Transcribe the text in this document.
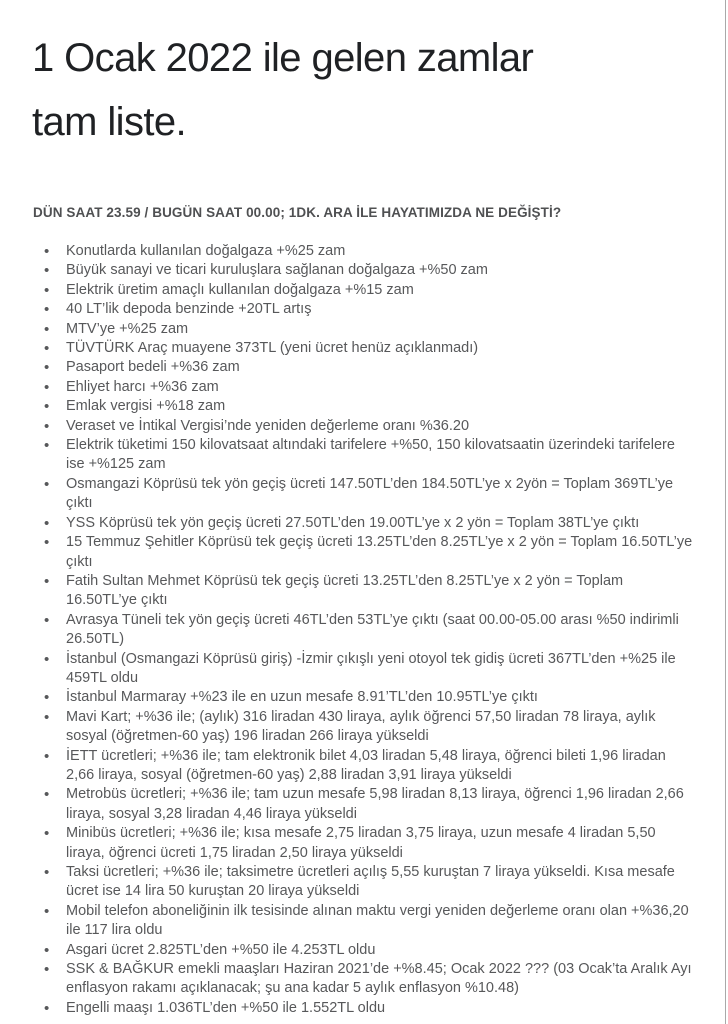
1 Ocak 2022 ile gelen zamlar
tam liste.
DÜN SAAT 23.59 / BUGÜN SAAT 00.00; 1DK. ARA İLE HAYATIMIZDA NE DEĞİŞTİ?
• Konutlarda kullanılan doğalgaza +%25 zam
• Büyük sanayi ve ticari kuruluşlara sağlanan doğalgaza +%50 zam
• Elektrik üretim amaçlı kullanılan doğalgaza +%15 zam
• 40 LT’lik depoda benzinde +20TL artış
• MTV’ye +%25 zam
• TÜVTÜRK Araç muayene 373TL (yeni ücret henüz açıklanmadı)
• Pasaport bedeli +%36 zam
• Ehliyet harcı +%36 zam
• Emlak vergisi +%18 zam
• Veraset ve İntikal Vergisi’nde yeniden değerleme oranı %36.20
• Elektrik tüketimi 150 kilovatsaat altındaki tarifelere +%50, 150 kilovatsaatin üzerindeki tarifelere ise +%125 zam
• Osmangazi Köprüsü tek yön geçiş ücreti 147.50TL’den 184.50TL’ye x 2yön = Toplam 369TL’ye çıktı
• YSS Köprüsü tek yön geçiş ücreti 27.50TL’den 19.00TL’ye x 2 yön = Toplam 38TL’ye çıktı
• 15 Temmuz Şehitler Köprüsü tek geçiş ücreti 13.25TL’den 8.25TL’ye x 2 yön = Toplam 16.50TL’ye çıktı
• Fatih Sultan Mehmet Köprüsü tek geçiş ücreti 13.25TL’den 8.25TL’ye x 2 yön = Toplam 16.50TL’ye çıktı
• Avrasya Tüneli tek yön geçiş ücreti 46TL’den 53TL’ye çıktı (saat 00.00-05.00 arası %50 indirimli 26.50TL)
• İstanbul (Osmangazi Köprüsü giriş) -İzmir çıkışlı yeni otoyol tek gidiş ücreti 367TL’den +%25 ile 459TL oldu
• İstanbul Marmaray +%23 ile en uzun mesafe 8.91’TL’den 10.95TL’ye çıktı
• Mavi Kart; +%36 ile; (aylık) 316 liradan 430 liraya, aylık öğrenci 57,50 liradan 78 liraya, aylık sosyal (öğretmen-60 yaş) 196 liradan 266 liraya yükseldi
• İETT ücretleri; +%36 ile; tam elektronik bilet 4,03 liradan 5,48 liraya, öğrenci bileti 1,96 liradan 2,66 liraya, sosyal (öğretmen-60 yaş) 2,88 liradan 3,91 liraya yükseldi
• Metrobüs ücretleri; +%36 ile; tam uzun mesafe 5,98 liradan 8,13 liraya, öğrenci 1,96 liradan 2,66 liraya, sosyal 3,28 liradan 4,46 liraya yükseldi
• Minibüs ücretleri; +%36 ile; kısa mesafe 2,75 liradan 3,75 liraya, uzun mesafe 4 liradan 5,50 liraya, öğrenci ücreti 1,75 liradan 2,50 liraya yükseldi
• Taksi ücretleri; +%36 ile; taksimetre ücretleri açılış 5,55 kuruştan 7 liraya yükseldi. Kısa mesafe ücret ise 14 lira 50 kuruştan 20 liraya yükseldi
• Mobil telefon aboneliğinin ilk tesisinde alınan maktu vergi yeniden değerleme oranı olan +%36,20 ile 117 lira oldu
• Asgari ücret 2.825TL’den +%50 ile 4.253TL oldu
• SSK & BAĞKUR emekli maaşları Haziran 2021’de +%8.45; Ocak 2022 ??? (03 Ocak’ta Aralık Ayı enflasyon rakamı açıklanacak; şu ana kadar 5 aylık enflasyon %10.48)
• Engelli maaşı 1.036TL’den +%50 ile 1.552TL oldu
